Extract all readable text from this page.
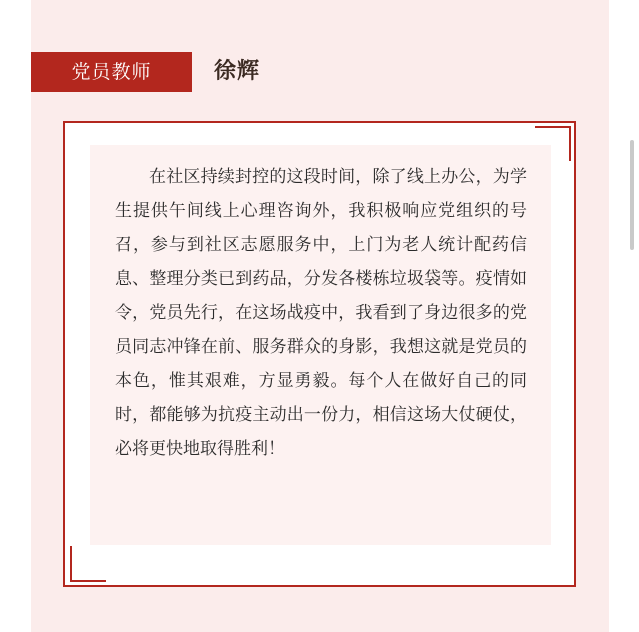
党员教师	徐辉
在社区持续封控的这段时间，除了线上办公，为学生提供午间线上心理咨询外，我积极响应党组织的号召，参与到社区志愿服务中，上门为老人统计配药信息、整理分类已到药品，分发各楼栋垃圾袋等。疫情如令，党员先行，在这场战疫中，我看到了身边很多的党员同志冲锋在前、服务群众的身影，我想这就是党员的本色，惟其艰难，方显勇毅。每个人在做好自己的同时，都能够为抗疫主动出一份力，相信这场大仗硬仗，必将更快地取得胜利！
